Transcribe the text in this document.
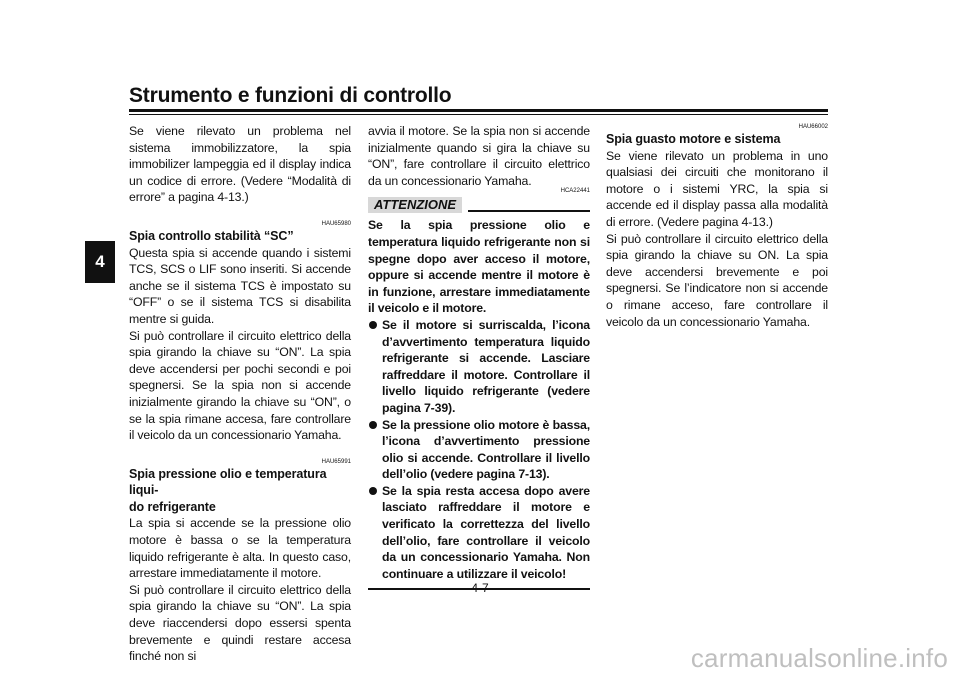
Strumento e funzioni di controllo
4

Se viene rilevato un problema nel sistema immobilizzatore, la spia immobilizer lampeggia ed il display indica un codice di errore. (Vedere “Modalità di errore” a pagina 4-13.)

HAU65980

Spia controllo stabilità “SC”

Questa spia si accende quando i sistemi TCS, SCS o LIF sono inseriti. Si accende anche se il sistema TCS è impostato su “OFF” o se il sistema TCS si disabilita mentre si guida.

Si può controllare il circuito elettrico della spia girando la chiave su “ON”. La spia deve accendersi per pochi secondi e poi spegnersi. Se la spia non si accende inizialmente girando la chiave su “ON”, o se la spia rimane accesa, fare controllare il veicolo da un concessionario Yamaha.

HAU65991

Spia pressione olio e temperatura liqui-

do refrigerante

La spia si accende se la pressione olio motore è bassa o se la temperatura liquido refrigerante è alta. In questo caso, arrestare immediatamente il motore.

Si può controllare il circuito elettrico della spia girando la chiave su “ON”. La spia deve riaccendersi dopo essersi spenta brevemente e quindi restare accesa finché non si

avvia il motore. Se la spia non si accende inizialmente quando si gira la chiave su “ON”, fare controllare il circuito elettrico da un concessionario Yamaha.

HCA22441
ATTENZIONE

Se la spia pressione olio e temperatura liquido refrigerante non si spegne dopo aver acceso il motore, oppure si accende mentre il motore è in funzione, arrestare immediatamente il veicolo e il motore.

Se il motore si surriscalda, l’icona d’avvertimento temperatura liquido refrigerante si accende. Lasciare raffreddare il motore. Controllare il livello liquido refrigerante (vedere pagina 7-39).

Se la pressione olio motore è bassa, l’icona d’avvertimento pressione olio si accende. Controllare il livello dell’olio (vedere pagina 7-13).

Se la spia resta accesa dopo avere lasciato raffreddare il motore e verificato la correttezza del livello dell’olio, fare controllare il veicolo da un concessionario Yamaha. Non continuare a utilizzare il veicolo!

HAU66002

Spia guasto motore e sistema

Se viene rilevato un problema in uno qualsiasi dei circuiti che monitorano il motore o i sistemi YRC, la spia si accende ed il display passa alla modalità di errore. (Vedere pagina 4-13.)

Si può controllare il circuito elettrico della spia girando la chiave su ON. La spia deve accendersi brevemente e poi spegnersi. Se l’indicatore non si accende o rimane acceso, fare controllare il veicolo da un concessionario Yamaha.

4-7
carmanualsonline.info
